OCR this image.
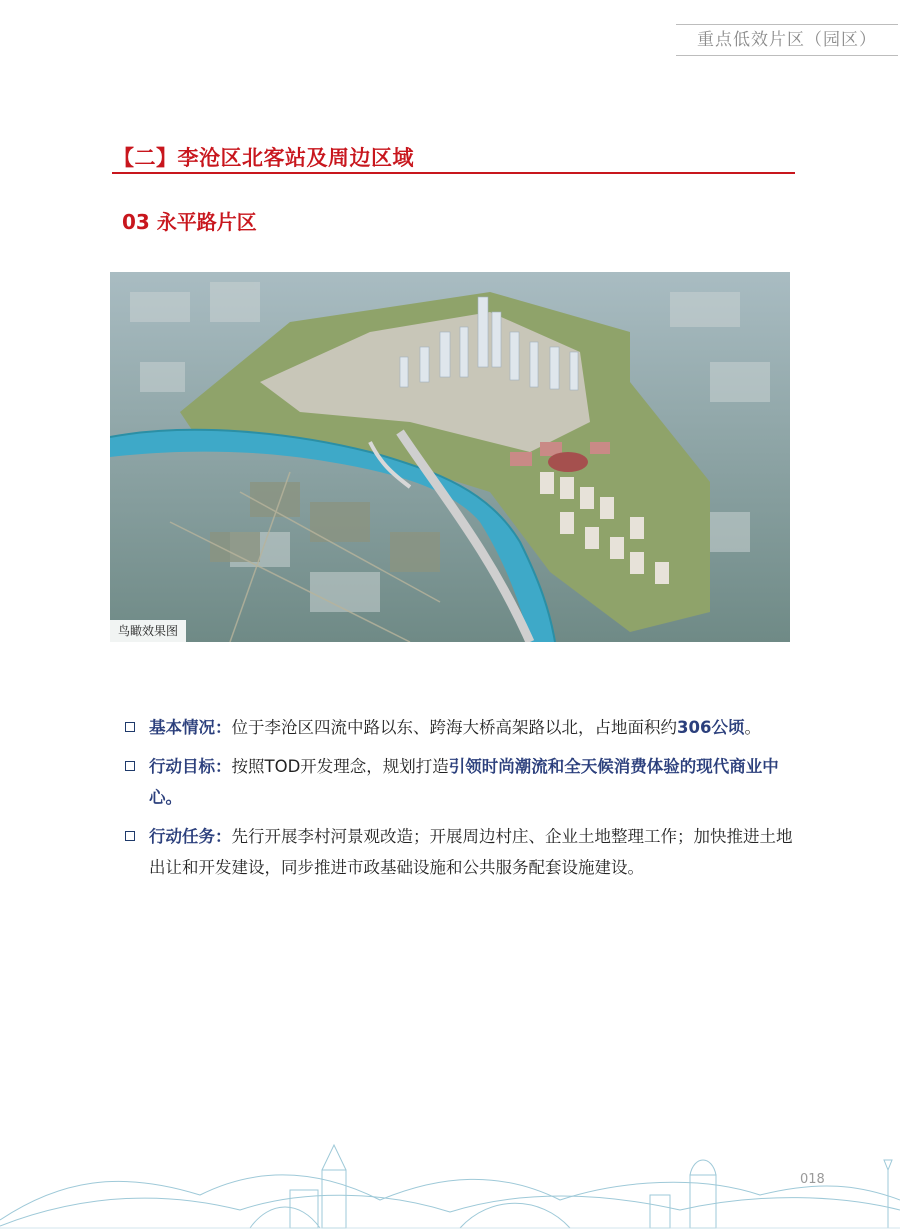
重点低效片区（园区）
【二】李沧区北客站及周边区域
03 永平路片区
鸟瞰效果图
基本情况：位于李沧区四流中路以东、跨海大桥高架路以北，占地面积约306公顷。
行动目标：按照TOD开发理念，规划打造引领时尚潮流和全天候消费体验的现代商业中心。
行动任务：先行开展李村河景观改造；开展周边村庄、企业土地整理工作；加快推进土地出让和开发建设，同步推进市政基础设施和公共服务配套设施建设。
018
